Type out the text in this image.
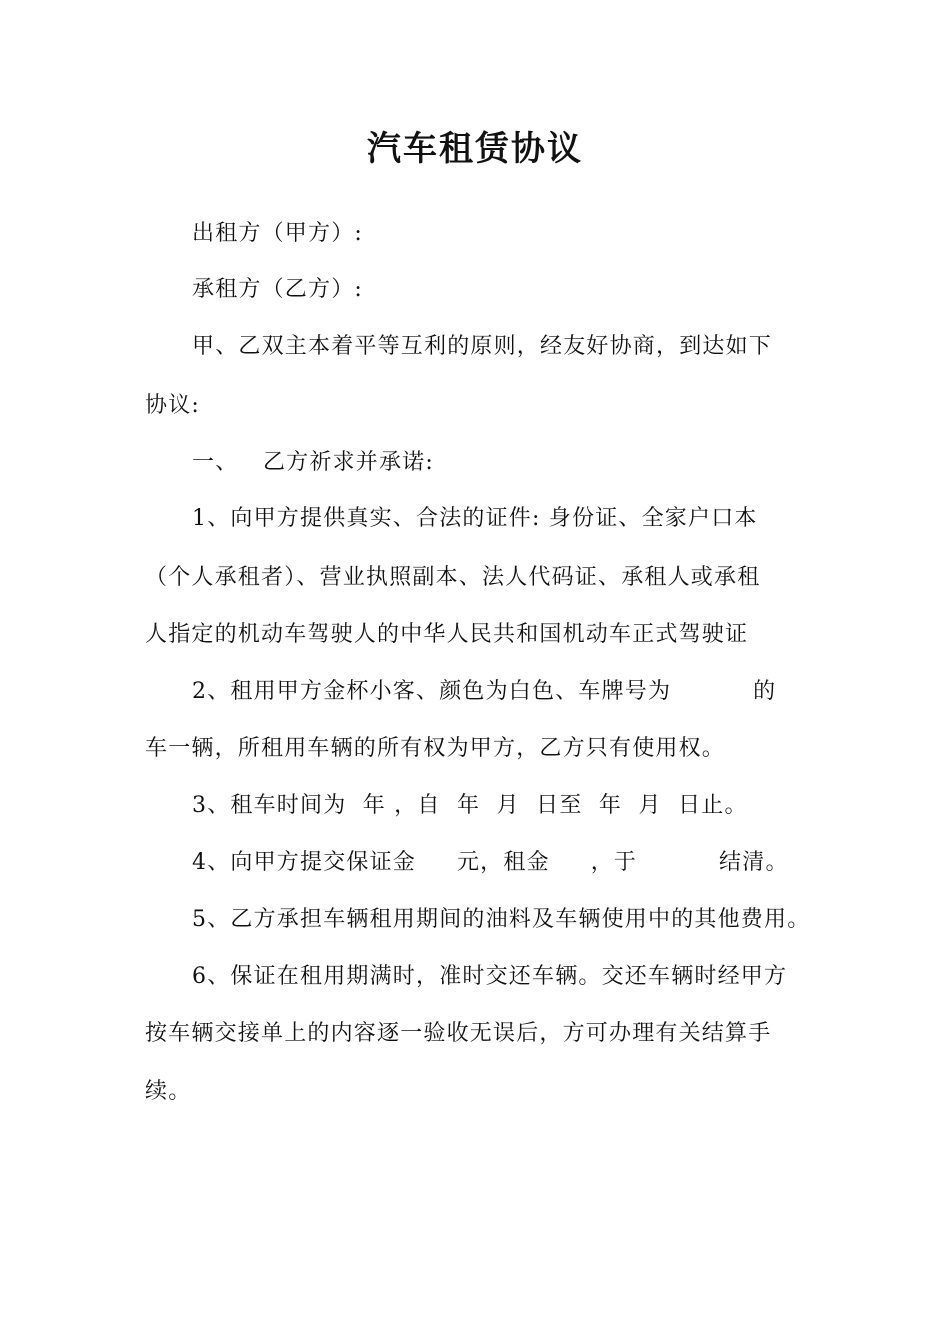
汽车租赁协议
出租方（甲方）:
承租方（乙方）:
甲、乙双主本着平等互利的原则，经友好协商，到达如下
协议:
一、   乙方祈求并承诺:
1、向甲方提供真实、合法的证件: 身份证、全家户口本
（个人承租者）、营业执照副本、法人代码证、承租人或承租
人指定的机动车驾驶人的中华人民共和国机动车正式驾驶证
2、租用甲方金杯小客、颜色为白色、车牌号为          的
车一辆，所租用车辆的所有权为甲方，乙方只有使用权。
3、租车时间为  年 ，自  年  月  日至  年  月  日止。
4、向甲方提交保证金     元，租金     ，于          结清。
5、乙方承担车辆租用期间的油料及车辆使用中的其他费用。
6、保证在租用期满时，准时交还车辆。交还车辆时经甲方
按车辆交接单上的内容逐一验收无误后，方可办理有关结算手
续。
